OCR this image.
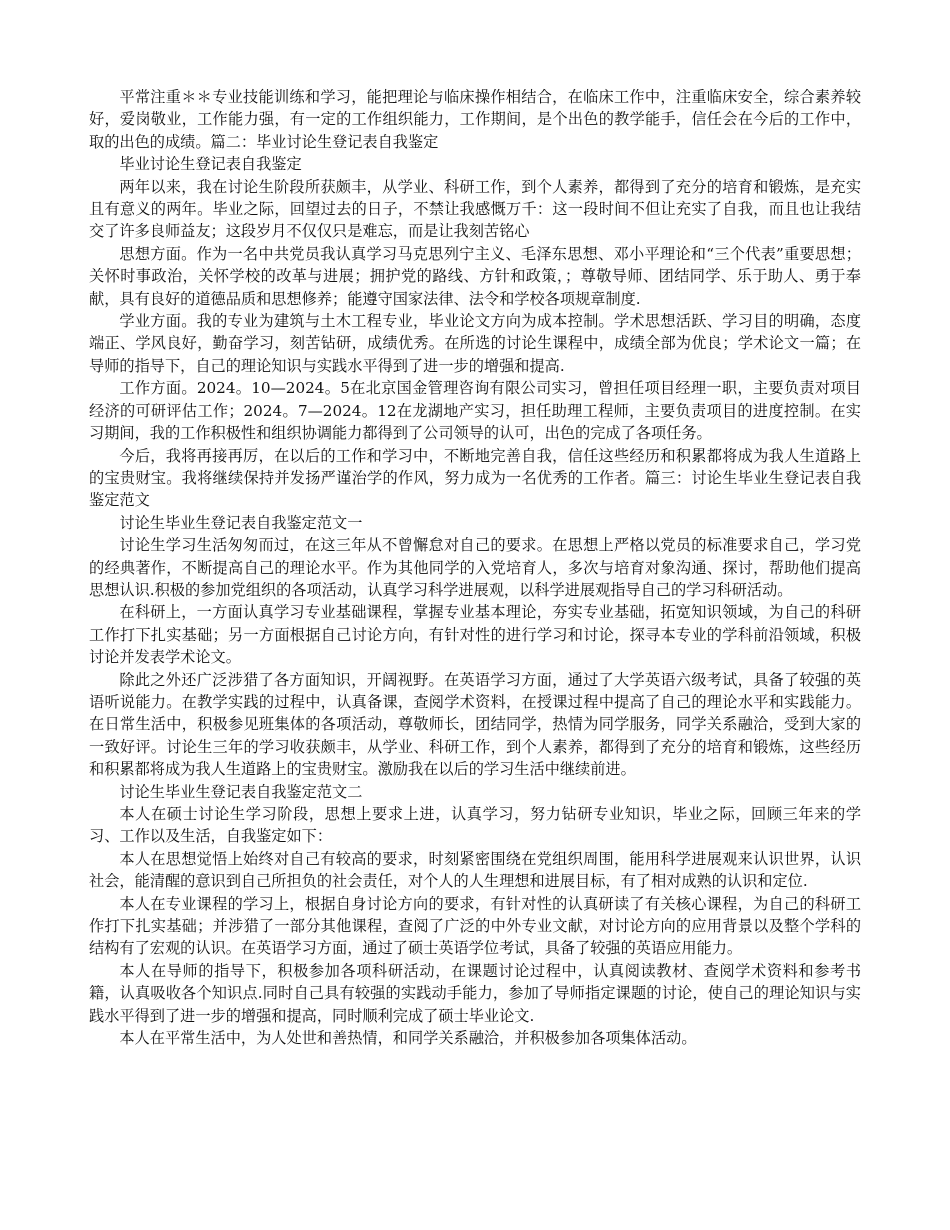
平常注重＊＊专业技能训练和学习，能把理论与临床操作相结合，在临床工作中，注重临床安全，综合素养较好，爱岗敬业，工作能力强，有一定的工作组织能力，工作期间，是个出色的教学能手，信任会在今后的工作中，取的出色的成绩。篇二：毕业讨论生登记表自我鉴定

毕业讨论生登记表自我鉴定

两年以来，我在讨论生阶段所获颇丰，从学业、科研工作，到个人素养，都得到了充分的培育和锻炼，是充实且有意义的两年。毕业之际，回望过去的日子，不禁让我感慨万千：这一段时间不但让充实了自我，而且也让我结交了许多良师益友；这段岁月不仅仅只是难忘，而是让我刻苦铭心

思想方面。作为一名中共党员我认真学习马克思列宁主义、毛泽东思想、邓小平理论和“三个代表”重要思想；关怀时事政治，关怀学校的改革与进展；拥护党的路线、方针和政策，；尊敬导师、团结同学、乐于助人、勇于奉献，具有良好的道德品质和思想修养；能遵守国家法律、法令和学校各项规章制度.

学业方面。我的专业为建筑与土木工程专业，毕业论文方向为成本控制。学术思想活跃、学习目的明确，态度端正、学风良好，勤奋学习，刻苦钻研，成绩优秀。在所选的讨论生课程中，成绩全部为优良；学术论文一篇；在导师的指导下，自己的理论知识与实践水平得到了进一步的增强和提高.

工作方面。2024。10—2024。5在北京国金管理咨询有限公司实习，曾担任项目经理一职，主要负责对项目经济的可研评估工作；2024。7—2024。12在龙湖地产实习，担任助理工程师，主要负责项目的进度控制。在实习期间，我的工作积极性和组织协调能力都得到了公司领导的认可，出色的完成了各项任务。

今后，我将再接再厉，在以后的工作和学习中，不断地完善自我，信任这些经历和积累都将成为我人生道路上的宝贵财宝。我将继续保持并发扬严谨治学的作风，努力成为一名优秀的工作者。篇三：讨论生毕业生登记表自我鉴定范文

讨论生毕业生登记表自我鉴定范文一

讨论生学习生活匆匆而过，在这三年从不曾懈怠对自己的要求。在思想上严格以党员的标准要求自己，学习党的经典著作，不断提高自己的理论水平。作为其他同学的入党培育人，多次与培育对象沟通、探讨，帮助他们提高思想认识.积极的参加党组织的各项活动，认真学习科学进展观，以科学进展观指导自己的学习科研活动。

在科研上，一方面认真学习专业基础课程，掌握专业基本理论，夯实专业基础，拓宽知识领域，为自己的科研工作打下扎实基础；另一方面根据自己讨论方向，有针对性的进行学习和讨论，探寻本专业的学科前沿领域，积极讨论并发表学术论文。

除此之外还广泛涉猎了各方面知识，开阔视野。在英语学习方面，通过了大学英语六级考试，具备了较强的英语听说能力。在教学实践的过程中，认真备课，查阅学术资料，在授课过程中提高了自己的理论水平和实践能力。在日常生活中，积极参见班集体的各项活动，尊敬师长，团结同学，热情为同学服务，同学关系融洽，受到大家的一致好评。讨论生三年的学习收获颇丰，从学业、科研工作，到个人素养，都得到了充分的培育和锻炼，这些经历和积累都将成为我人生道路上的宝贵财宝。激励我在以后的学习生活中继续前进。

讨论生毕业生登记表自我鉴定范文二

本人在硕士讨论生学习阶段，思想上要求上进，认真学习，努力钻研专业知识，毕业之际，回顾三年来的学习、工作以及生活，自我鉴定如下：

本人在思想觉悟上始终对自己有较高的要求，时刻紧密围绕在党组织周围，能用科学进展观来认识世界，认识社会，能清醒的意识到自己所担负的社会责任，对个人的人生理想和进展目标，有了相对成熟的认识和定位.

本人在专业课程的学习上，根据自身讨论方向的要求，有针对性的认真研读了有关核心课程，为自己的科研工作打下扎实基础；并涉猎了一部分其他课程，查阅了广泛的中外专业文献，对讨论方向的应用背景以及整个学科的结构有了宏观的认识。在英语学习方面，通过了硕士英语学位考试，具备了较强的英语应用能力。

本人在导师的指导下，积极参加各项科研活动，在课题讨论过程中，认真阅读教材、查阅学术资料和参考书籍，认真吸收各个知识点.同时自己具有较强的实践动手能力，参加了导师指定课题的讨论，使自己的理论知识与实践水平得到了进一步的增强和提高，同时顺利完成了硕士毕业论文.

本人在平常生活中，为人处世和善热情，和同学关系融洽，并积极参加各项集体活动。
